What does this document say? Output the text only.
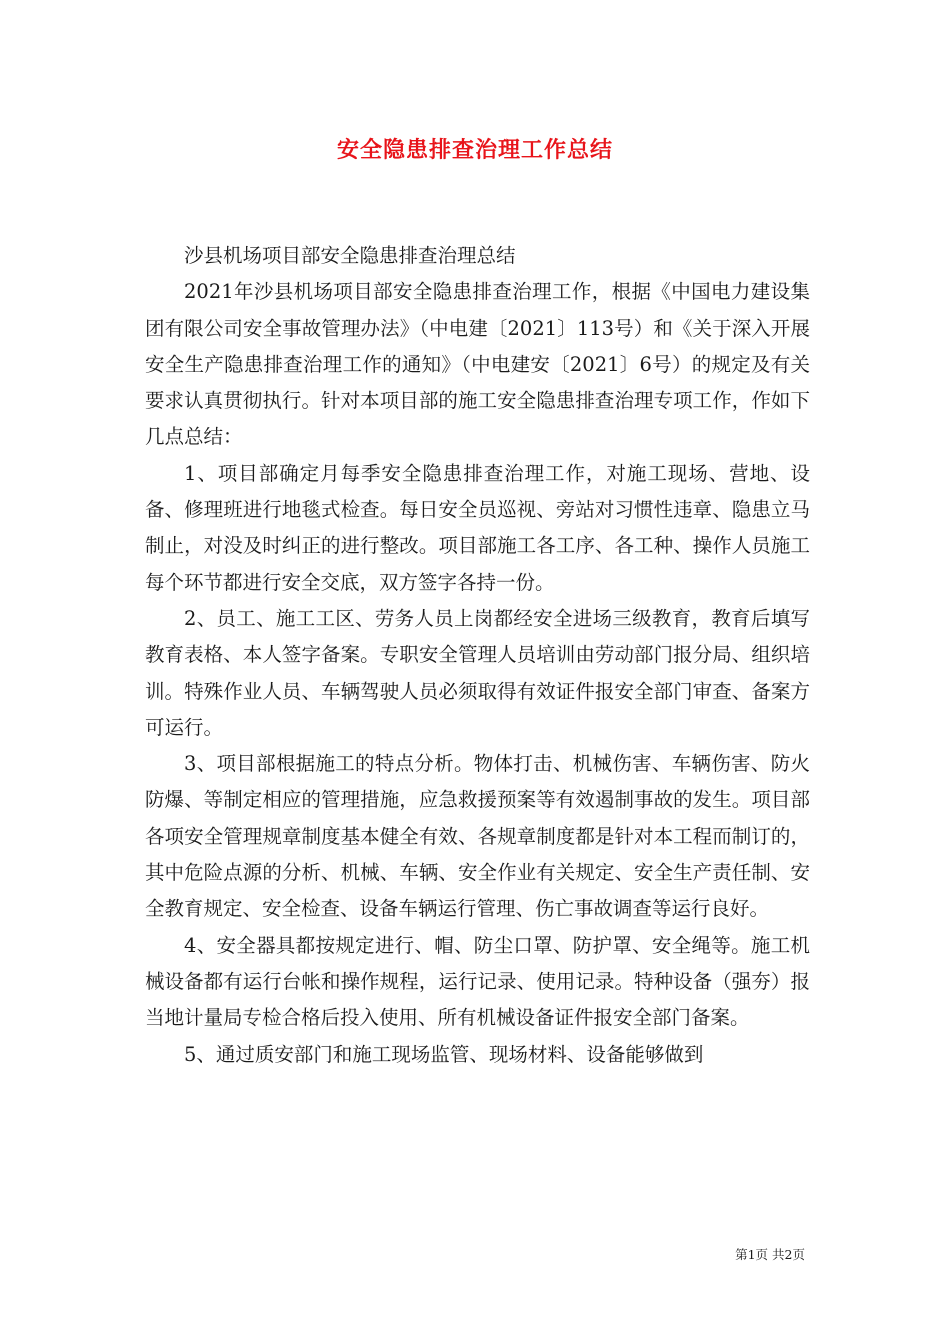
安全隐患排查治理工作总结

沙县机场项目部安全隐患排查治理总结

2021年沙县机场项目部安全隐患排查治理工作，根据《中国电力建设集团有限公司安全事故管理办法》（中电建〔2021〕113号）和《关于深入开展安全生产隐患排查治理工作的通知》（中电建安〔2021〕6号）的规定及有关要求认真贯彻执行。针对本项目部的施工安全隐患排查治理专项工作，作如下几点总结：

1、项目部确定月每季安全隐患排查治理工作，对施工现场、营地、设备、修理班进行地毯式检查。每日安全员巡视、旁站对习惯性违章、隐患立马制止，对没及时纠正的进行整改。项目部施工各工序、各工种、操作人员施工每个环节都进行安全交底，双方签字各持一份。

2、员工、施工工区、劳务人员上岗都经安全进场三级教育，教育后填写教育表格、本人签字备案。专职安全管理人员培训由劳动部门报分局、组织培训。特殊作业人员、车辆驾驶人员必须取得有效证件报安全部门审查、备案方可运行。

3、项目部根据施工的特点分析。物体打击、机械伤害、车辆伤害、防火防爆、等制定相应的管理措施，应急救援预案等有效遏制事故的发生。项目部各项安全管理规章制度基本健全有效、各规章制度都是针对本工程而制订的，其中危险点源的分析、机械、车辆、安全作业有关规定、安全生产责任制、安全教育规定、安全检查、设备车辆运行管理、伤亡事故调查等运行良好。

4、安全器具都按规定进行、帽、防尘口罩、防护罩、安全绳等。施工机械设备都有运行台帐和操作规程，运行记录、使用记录。特种设备（强夯）报当地计量局专检合格后投入使用、所有机械设备证件报安全部门备案。

5、通过质安部门和施工现场监管、现场材料、设备能够做到

第1页 共2页
